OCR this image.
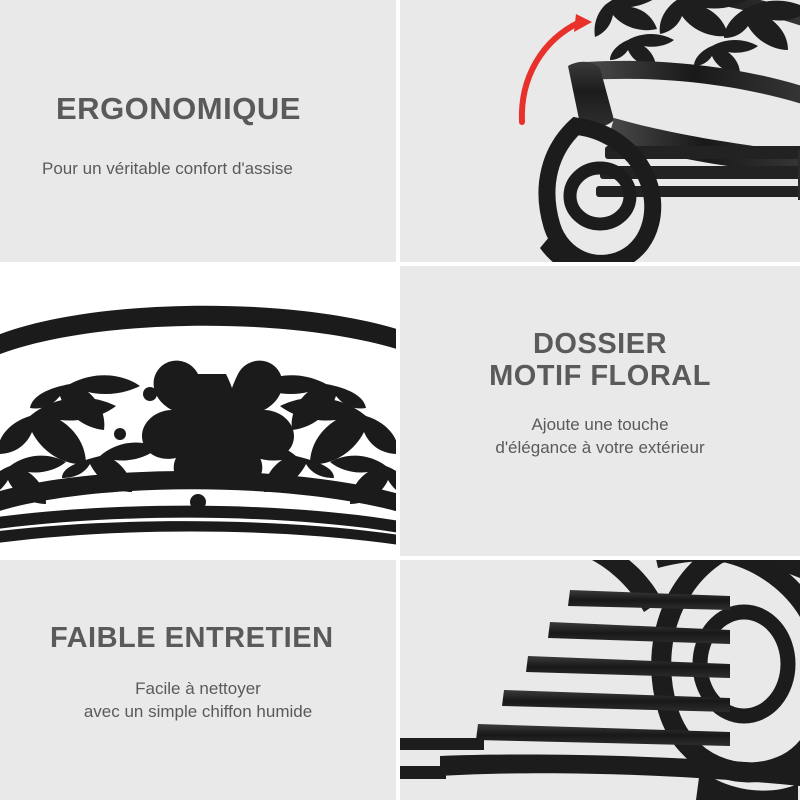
ERGONOMIQUE
Pour un véritable confort d'assise
DOSSIER
MOTIF FLORAL
Ajoute une touche
d'élégance à votre extérieur
FAIBLE ENTRETIEN
Facile à nettoyer
avec un simple chiffon humide
